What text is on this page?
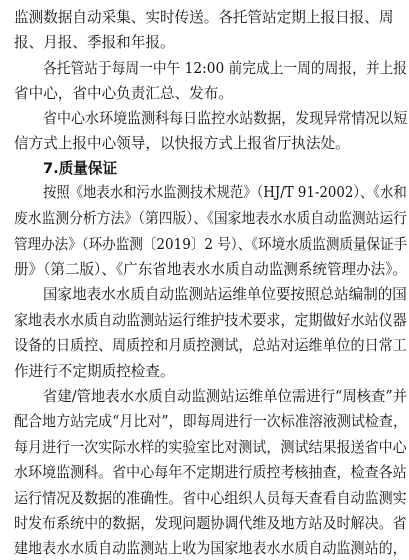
监测数据自动采集、实时传送。各托管站定期上报日报、周
报、月报、季报和年报。
各托管站于每周一中午 12:00 前完成上一周的周报，并上报
省中心，省中心负责汇总、发布。
省中心水环境监测科每日监控水站数据，发现异常情况以短
信方式上报中心领导，以快报方式上报省厅执法处。
7.质量保证
按照《地表水和污水监测技术规范》（HJ/T 91-2002）、《水和
废水监测分析方法》（第四版）、《国家地表水水质自动监测站运行
管理办法》（环办监测〔2019〕2 号）、《环境水质监测质量保证手
册》（第二版）、《广东省地表水水质自动监测系统管理办法》。
国家地表水水质自动监测站运维单位要按照总站编制的国
家地表水水质自动监测站运行维护技术要求，定期做好水站仪器
设备的日质控、周质控和月质控测试，总站对运维单位的日常工
作进行不定期质控检查。
省建/管地表水水质自动监测站运维单位需进行“周核查”并
配合地方站完成“月比对”，即每周进行一次标准溶液测试检查，
每月进行一次实际水样的实验室比对测试，测试结果报送省中心
水环境监测科。省中心每年不定期进行质控考核抽查，检查各站
运行情况及数据的准确性。省中心组织人员每天查看自动监测实
时发布系统中的数据，发现问题协调代维及地方站及时解决。省
建地表水水质自动监测站上收为国家地表水水质自动监测站的，
